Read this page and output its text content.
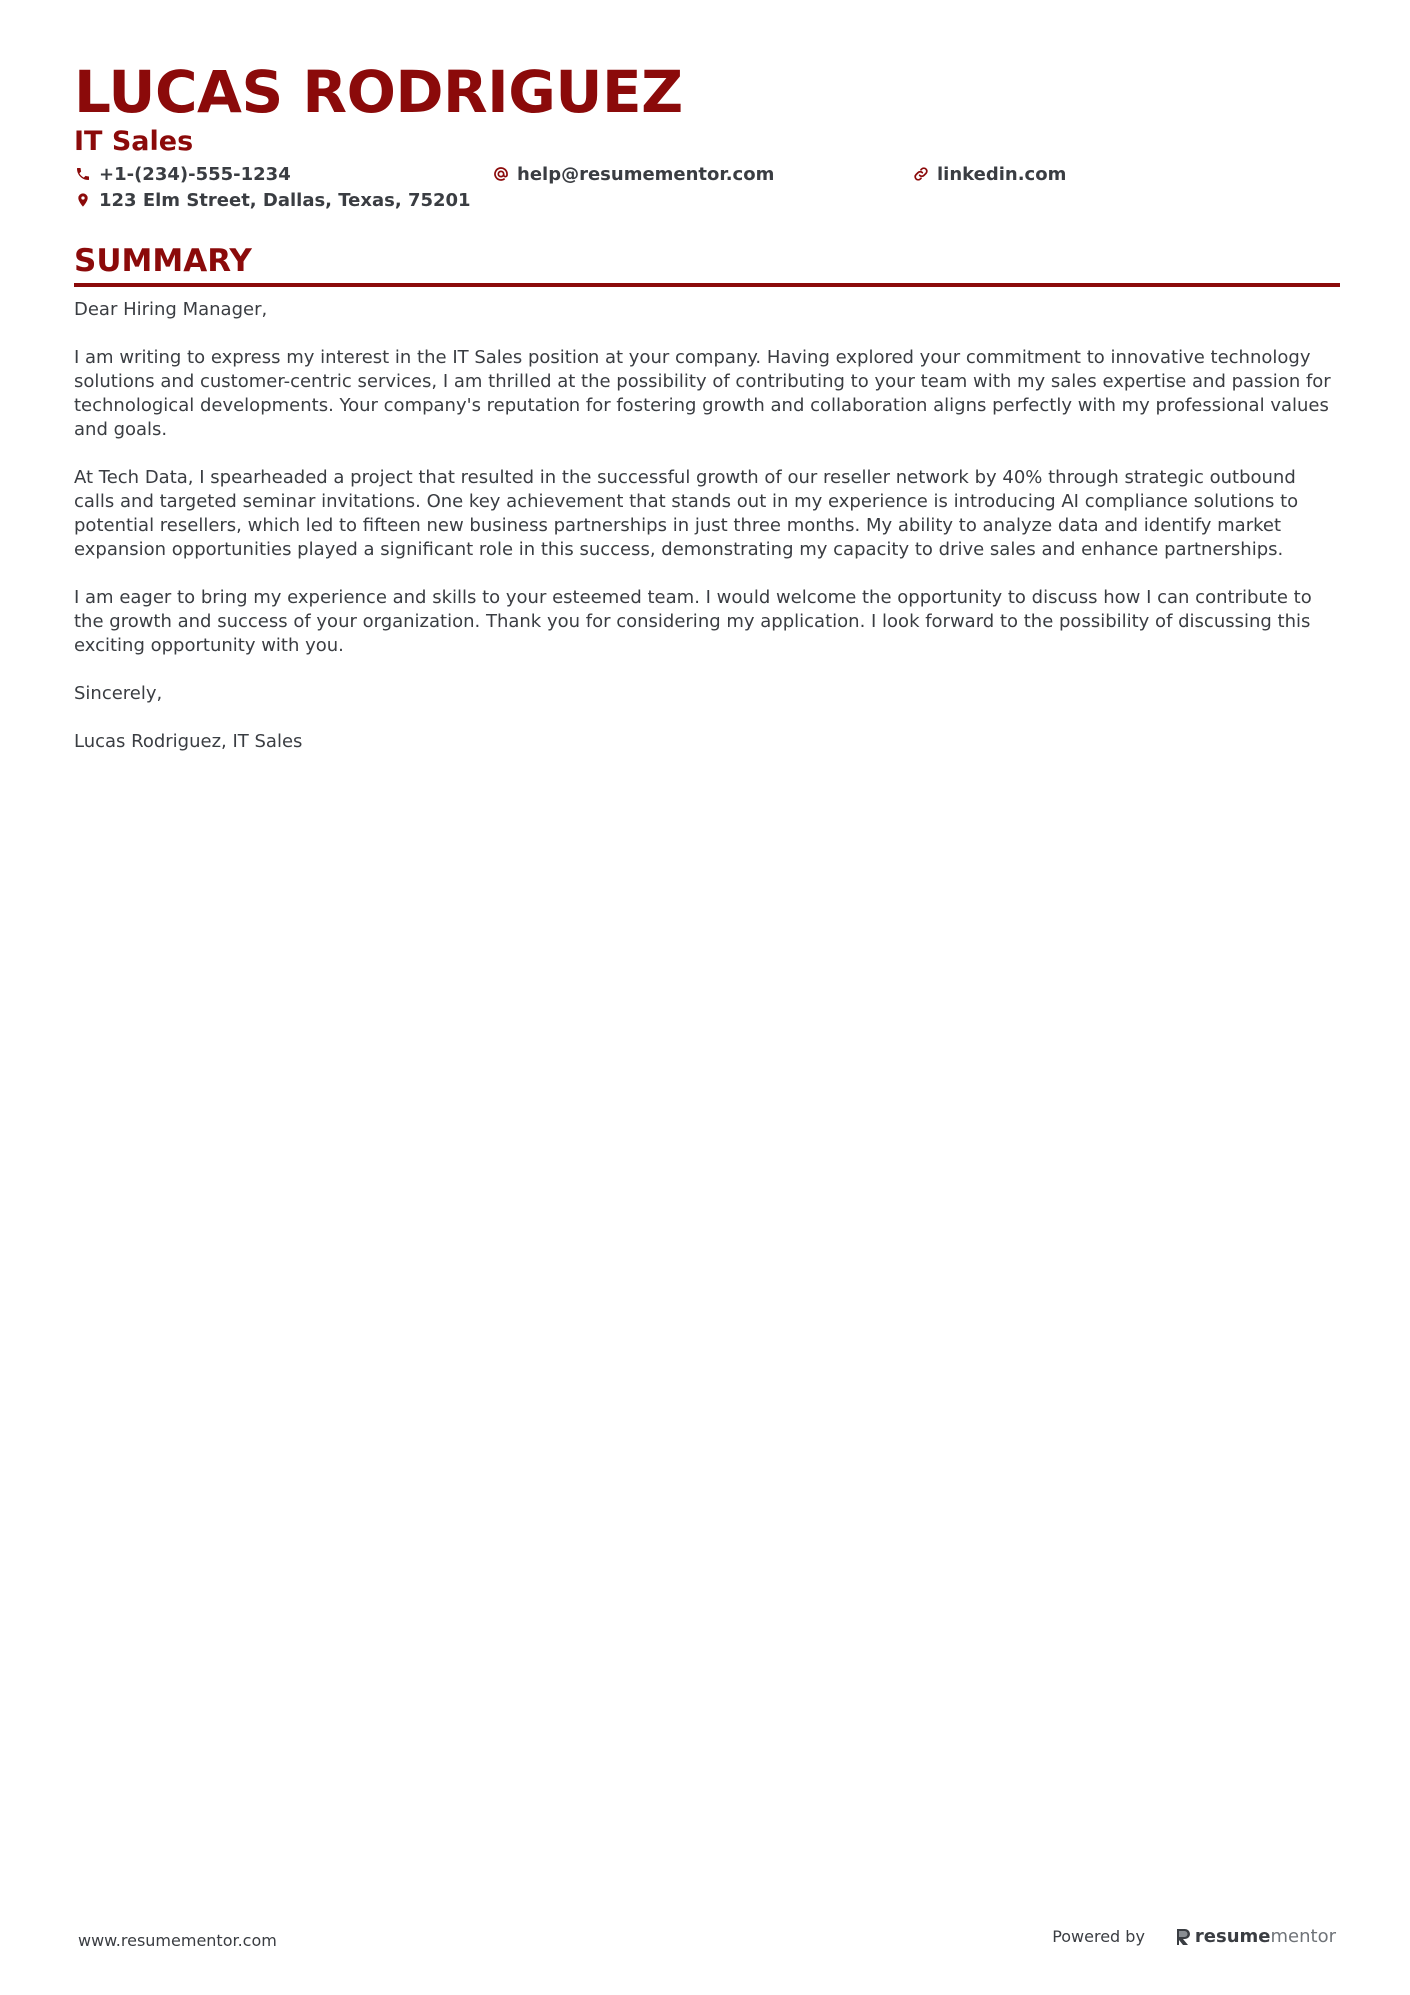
LUCAS RODRIGUEZ
IT Sales
+1-(234)-555-1234	help@resumementor.com	linkedin.com
123 Elm Street, Dallas, Texas, 75201
SUMMARY

Dear Hiring Manager,

I am writing to express my interest in the IT Sales position at your company. Having explored your commitment to innovative technology solutions and customer-centric services, I am thrilled at the possibility of contributing to your team with my sales expertise and passion for technological developments. Your company's reputation for fostering growth and collaboration aligns perfectly with my professional values and goals.

At Tech Data, I spearheaded a project that resulted in the successful growth of our reseller network by 40% through strategic outbound calls and targeted seminar invitations. One key achievement that stands out in my experience is introducing AI compliance solutions to potential resellers, which led to fifteen new business partnerships in just three months. My ability to analyze data and identify market expansion opportunities played a significant role in this success, demonstrating my capacity to drive sales and enhance partnerships.

I am eager to bring my experience and skills to your esteemed team. I would welcome the opportunity to discuss how I can contribute to the growth and success of your organization. Thank you for considering my application. I look forward to the possibility of discussing this exciting opportunity with you.

Sincerely,

Lucas Rodriguez, IT Sales

www.resumementor.com	Powered by	resume mentor
